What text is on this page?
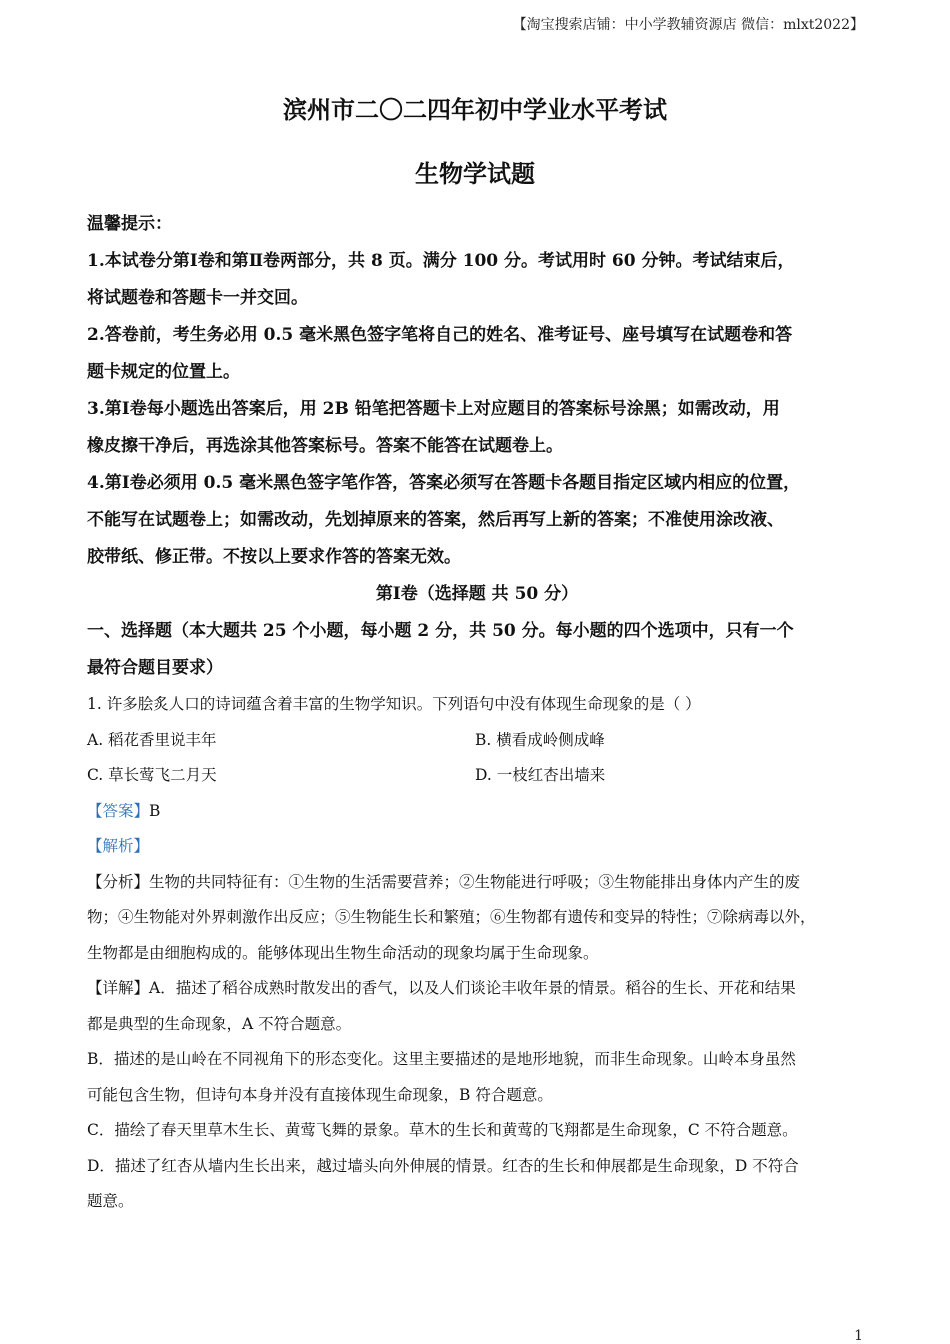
【淘宝搜索店铺：中小学教辅资源店 微信：mlxt2022】
滨州市二〇二四年初中学业水平考试
生物学试题
温馨提示：
1.本试卷分第Ⅰ卷和第Ⅱ卷两部分，共 8 页。满分 100 分。考试用时 60 分钟。考试结束后，
将试题卷和答题卡一并交回。
2.答卷前，考生务必用 0.5 毫米黑色签字笔将自己的姓名、准考证号、座号填写在试题卷和答
题卡规定的位置上。
3.第Ⅰ卷每小题选出答案后，用 2B 铅笔把答题卡上对应题目的答案标号涂黑；如需改动，用
橡皮擦干净后，再选涂其他答案标号。答案不能答在试题卷上。
4.第Ⅰ卷必须用 0.5 毫米黑色签字笔作答，答案必须写在答题卡各题目指定区域内相应的位置，
不能写在试题卷上；如需改动，先划掉原来的答案，然后再写上新的答案；不准使用涂改液、
胶带纸、修正带。不按以上要求作答的答案无效。
第Ⅰ卷（选择题 共 50 分）
一、选择题（本大题共 25 个小题，每小题 2 分，共 50 分。每小题的四个选项中，只有一个
最符合题目要求）
1. 许多脍炙人口的诗词蕴含着丰富的生物学知识。下列语句中没有体现生命现象的是（ ）
A. 稻花香里说丰年	B. 横看成岭侧成峰
C. 草长莺飞二月天	D. 一枝红杏出墙来
【答案】B
【解析】
【分析】生物的共同特征有：①生物的生活需要营养；②生物能进行呼吸；③生物能排出身体内产生的废
物；④生物能对外界刺激作出反应；⑤生物能生长和繁殖；⑥生物都有遗传和变异的特性；⑦除病毒以外，
生物都是由细胞构成的。能够体现出生物生命活动的现象均属于生命现象。
【详解】A．描述了稻谷成熟时散发出的香气，以及人们谈论丰收年景的情景。稻谷的生长、开花和结果
都是典型的生命现象，A 不符合题意。
B．描述的是山岭在不同视角下的形态变化。这里主要描述的是地形地貌，而非生命现象。山岭本身虽然
可能包含生物，但诗句本身并没有直接体现生命现象，B 符合题意。
C．描绘了春天里草木生长、黄莺飞舞的景象。草木的生长和黄莺的飞翔都是生命现象，C 不符合题意。
D．描述了红杏从墙内生长出来，越过墙头向外伸展的情景。红杏的生长和伸展都是生命现象，D 不符合
题意。
1
